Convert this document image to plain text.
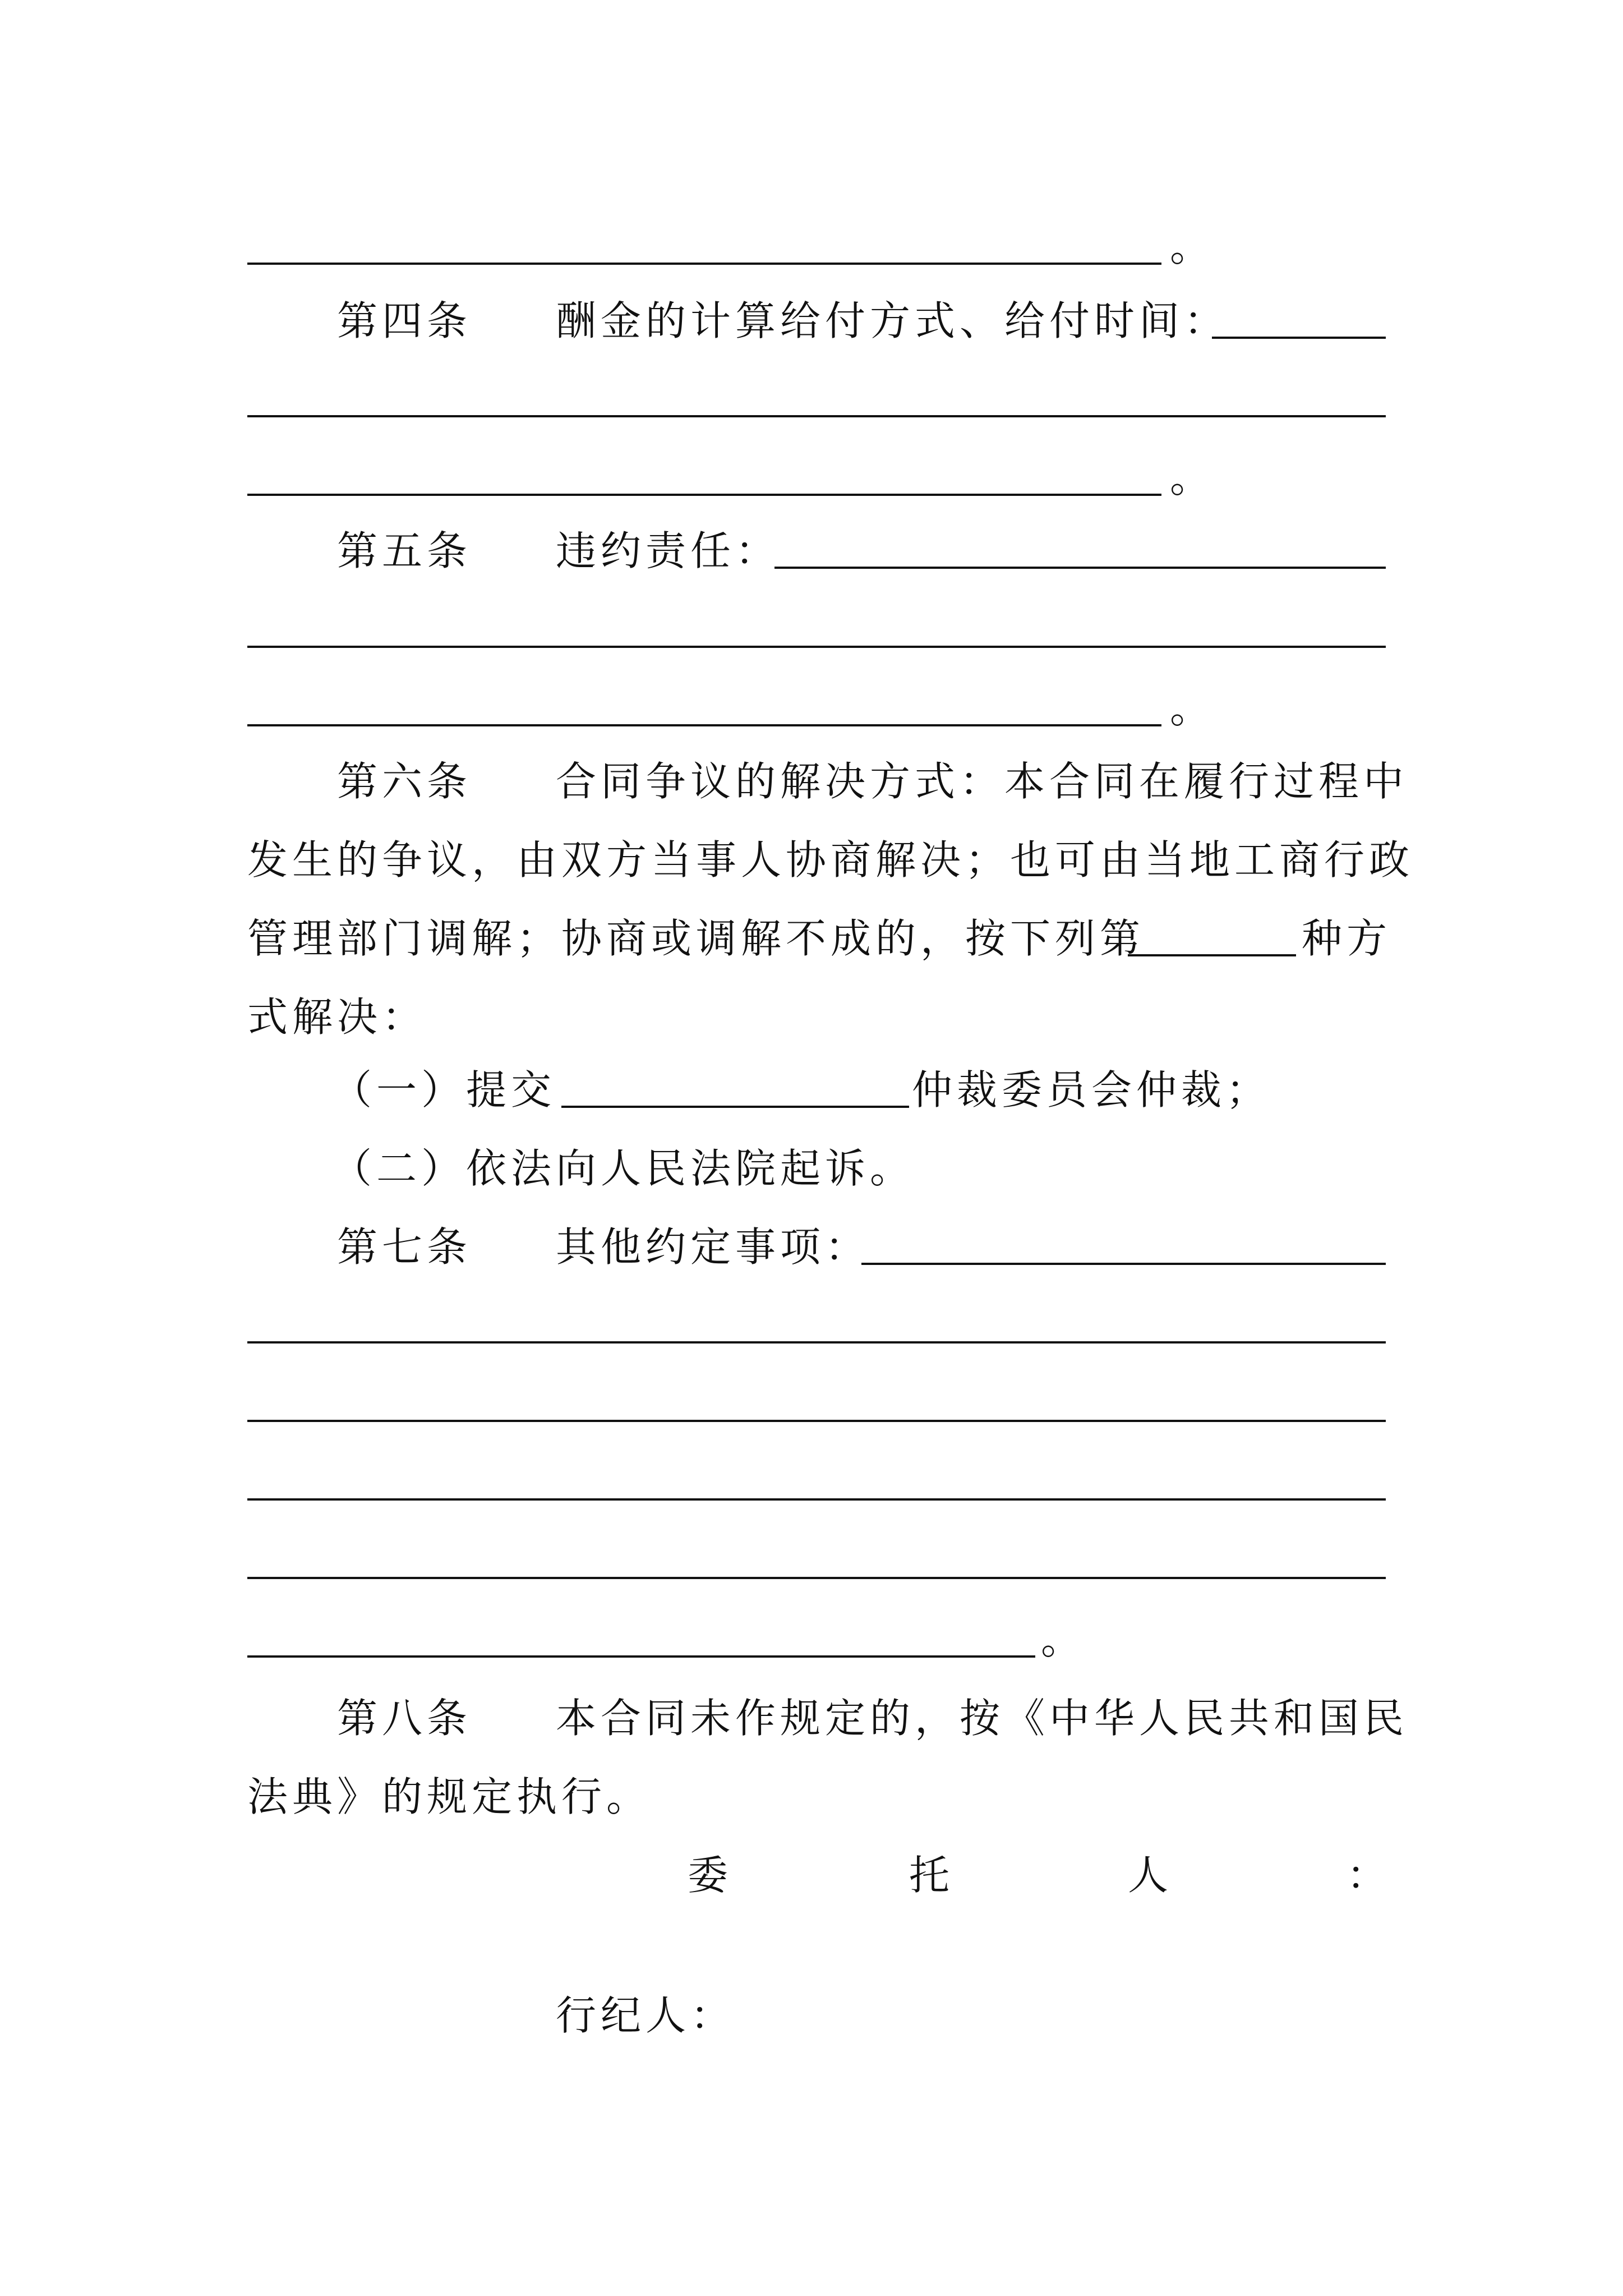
。
第四条 酬金的计算给付方式、给付时间：
。
第五条 违约责任：
。
第六条 合同争议的解决方式：本合同在履行过程中
发生的争议，由双方当事人协商解决；也可由当地工商行政
管理部门调解；协商或调解不成的，按下列第	种方
式解决：
（一）提交	仲裁委员会仲裁；
（二）依法向人民法院起诉。
第七条 其他约定事项：
。
第八条 本合同未作规定的，按《中华人民共和国民
法典》的规定执行。
委	托	人	：
行纪人：
